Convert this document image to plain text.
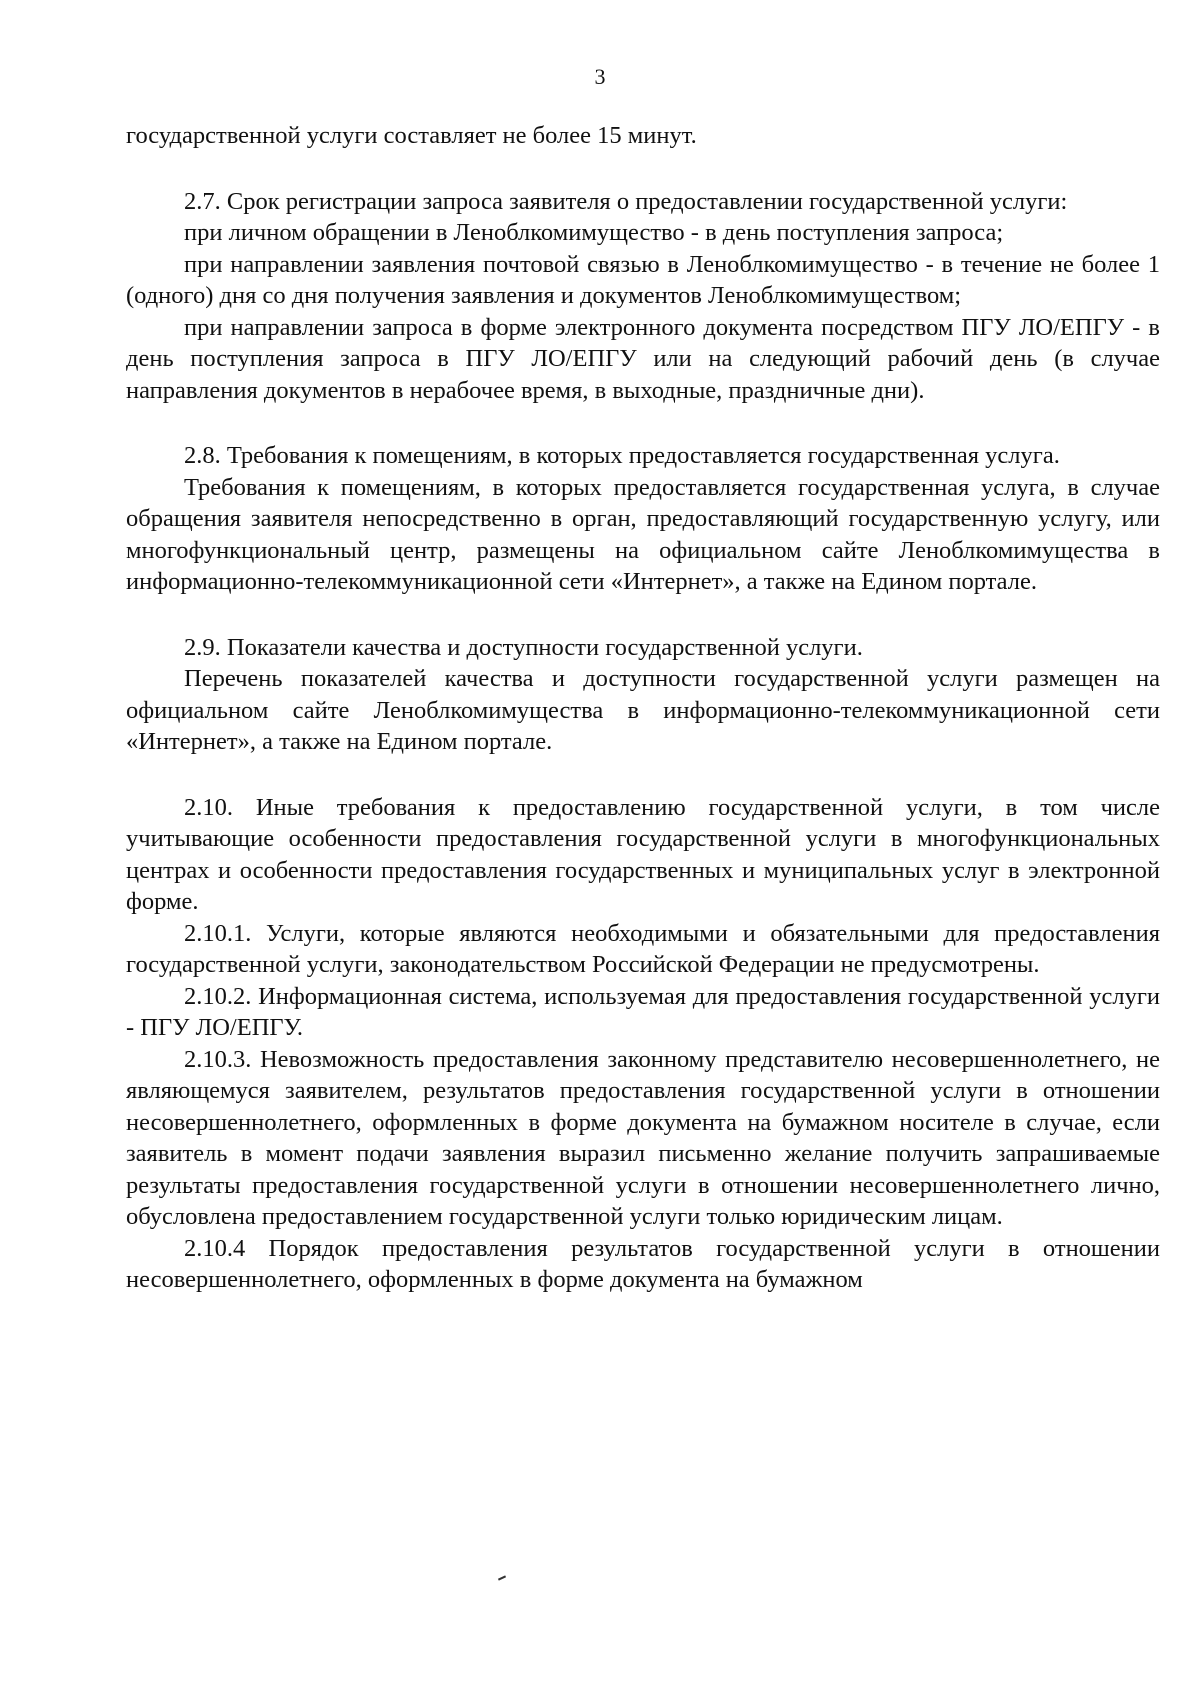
3

государственной услуги составляет не более 15 минут.

2.7. Срок регистрации запроса заявителя о предоставлении государственной услуги:

при личном обращении в Леноблкомимущество - в день поступления запроса;

при направлении заявления почтовой связью в Леноблкомимущество - в течение не более 1 (одного) дня со дня получения заявления и документов Леноблкомимуществом;

при направлении запроса в форме электронного документа посредством ПГУ ЛО/ЕПГУ - в день поступления запроса в ПГУ ЛО/ЕПГУ или на следующий рабочий день (в случае направления документов в нерабочее время, в выходные, праздничные дни).

2.8. Требования к помещениям, в которых предоставляется государственная услуга.

Требования к помещениям, в которых предоставляется государственная услуга, в случае обращения заявителя непосредственно в орган, предоставляющий государственную услугу, или многофункциональный центр, размещены на официальном сайте Леноблкомимущества в информационно-телекоммуникационной сети «Интернет», а также на Едином портале.

2.9. Показатели качества и доступности государственной услуги.

Перечень показателей качества и доступности государственной услуги размещен на официальном сайте Леноблкомимущества в информационно-телекоммуникационной сети «Интернет», а также на Едином портале.

2.10. Иные требования к предоставлению государственной услуги, в том числе учитывающие особенности предоставления государственной услуги в многофункциональных центрах и особенности предоставления государственных и муниципальных услуг в электронной форме.

2.10.1. Услуги, которые являются необходимыми и обязательными для предоставления государственной услуги, законодательством Российской Федерации не предусмотрены.

2.10.2. Информационная система, используемая для предоставления государственной услуги - ПГУ ЛО/ЕПГУ.

2.10.3. Невозможность предоставления законному представителю несовершеннолетнего, не являющемуся заявителем, результатов предоставления государственной услуги в отношении несовершеннолетнего, оформленных в форме документа на бумажном носителе в случае, если заявитель в момент подачи заявления выразил письменно желание получить запрашиваемые результаты предоставления государственной услуги в отношении несовершеннолетнего лично, обусловлена предоставлением государственной услуги только юридическим лицам.

2.10.4 Порядок предоставления результатов государственной услуги в отношении несовершеннолетнего, оформленных в форме документа на бумажном
